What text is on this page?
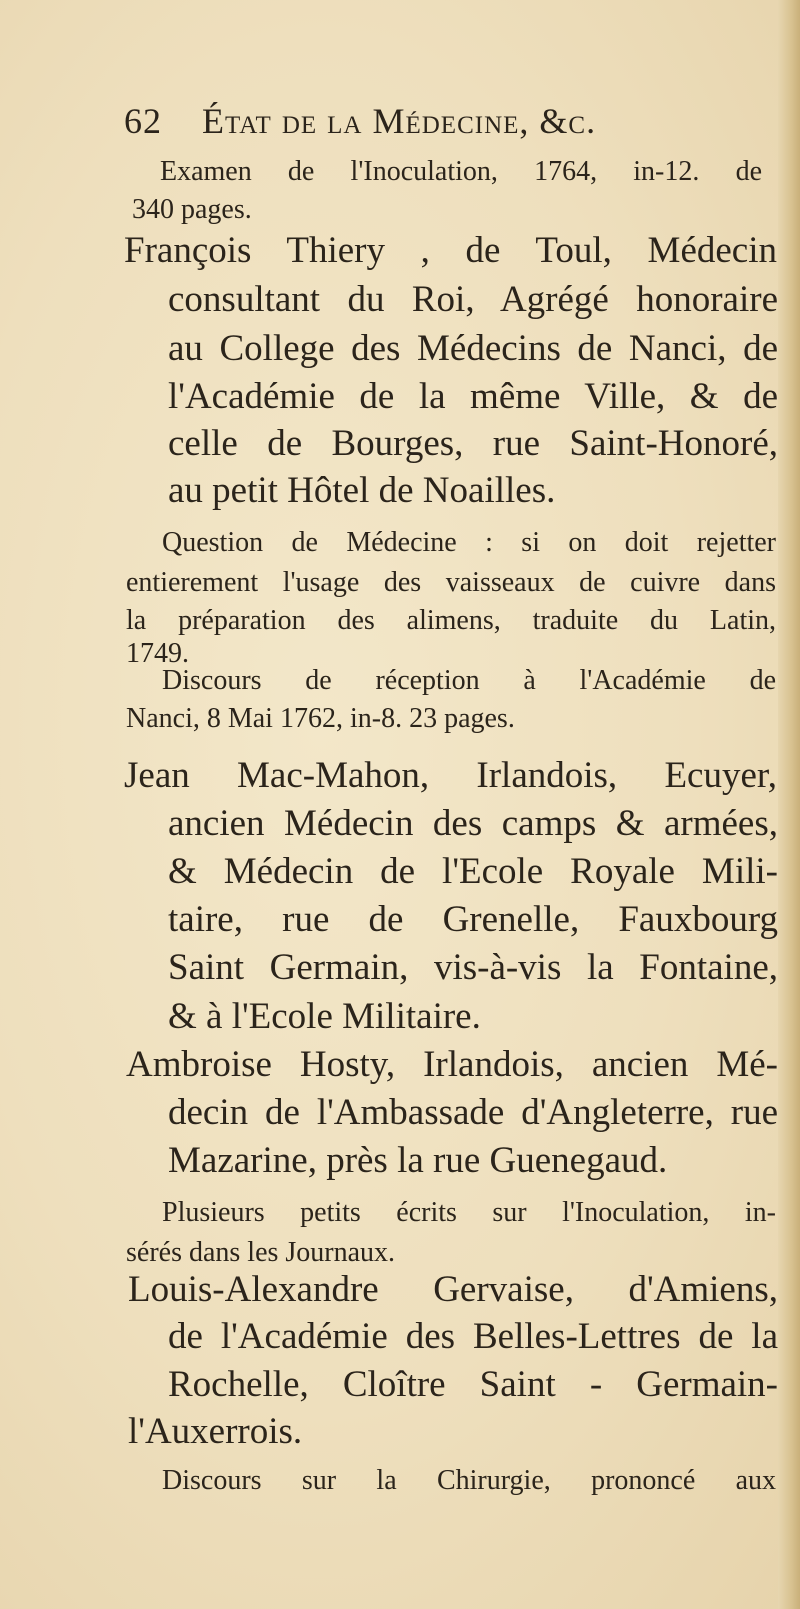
62 État de la Médecine, &c.
Examen de l'Inoculation, 1764, in-12. de
340 pages.
François Thiery , de Toul, Médecin
consultant du Roi, Agrégé honoraire
au College des Médecins de Nanci, de
l'Académie de la même Ville, & de
celle de Bourges, rue Saint-Honoré,
au petit Hôtel de Noailles.
Question de Médecine : si on doit rejetter
entierement l'usage des vaisseaux de cuivre dans
la préparation des alimens, traduite du Latin,
1749.
Discours de réception à l'Académie de
Nanci, 8 Mai 1762, in-8. 23 pages.
Jean Mac-Mahon, Irlandois, Ecuyer,
ancien Médecin des camps & armées,
& Médecin de l'Ecole Royale Mili-
taire, rue de Grenelle, Fauxbourg
Saint Germain, vis-à-vis la Fontaine,
& à l'Ecole Militaire.
Ambroise Hosty, Irlandois, ancien Mé-
decin de l'Ambassade d'Angleterre, rue
Mazarine, près la rue Guenegaud.
Plusieurs petits écrits sur l'Inoculation, in-
sérés dans les Journaux.
Louis-Alexandre Gervaise, d'Amiens,
de l'Académie des Belles-Lettres de la
Rochelle, Cloître Saint - Germain-
l'Auxerrois.
Discours sur la Chirurgie, prononcé aux
